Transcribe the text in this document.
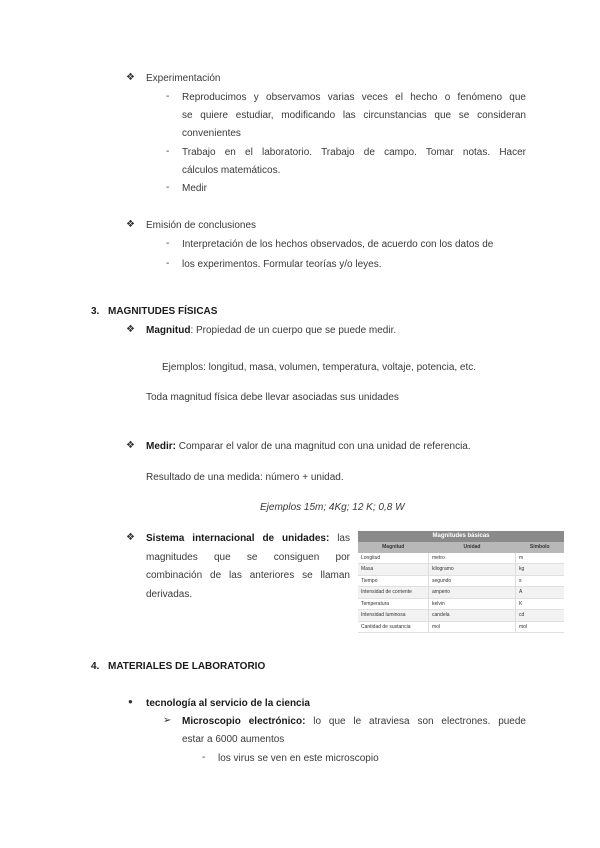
❖ Experimentación
- Reproducimos y observamos varias veces el hecho o fenómeno que
se quiere estudiar, modificando las circunstancias que se consideran
convenientes
- Trabajo en el laboratorio. Trabajo de campo. Tomar notas. Hacer
cálculos matemáticos.
- Medir
❖ Emisión de conclusiones
- Interpretación de los hechos observados, de acuerdo con los datos de
- los experimentos. Formular teorías y/o leyes.
3. MAGNITUDES FÍSICAS
❖ Magnitud: Propiedad de un cuerpo que se puede medir.
Ejemplos: longitud, masa, volumen, temperatura, voltaje, potencia, etc.
Toda magnitud física debe llevar asociadas sus unidades
❖ Medir: Comparar el valor de una magnitud con una unidad de referencia.
Resultado de una medida: número + unidad.
Ejemplos 15m; 4Kg; 12 K; 0,8 W
❖ Sistema internacional de unidades: las
magnitudes que se consiguen por
combinación de las anteriores se llaman
derivadas.
Magnitudes básicas		
Magnitud	Unidad	Símbolo
Longitud	metro	m
Masa	kilogramo	kg
Tiempo	segundo	s
Intensidad de corriente	amperio	A
Temperatura	kelvin	K
Intensidad luminosa	candela	cd
Cantidad de sustancia	mol	mol
4. MATERIALES DE LABORATORIO
● tecnología al servicio de la ciencia
➢ Microscopio electrónico: lo que le atraviesa son electrones. puede
estar a 6000 aumentos
- los virus se ven en este microscopio
